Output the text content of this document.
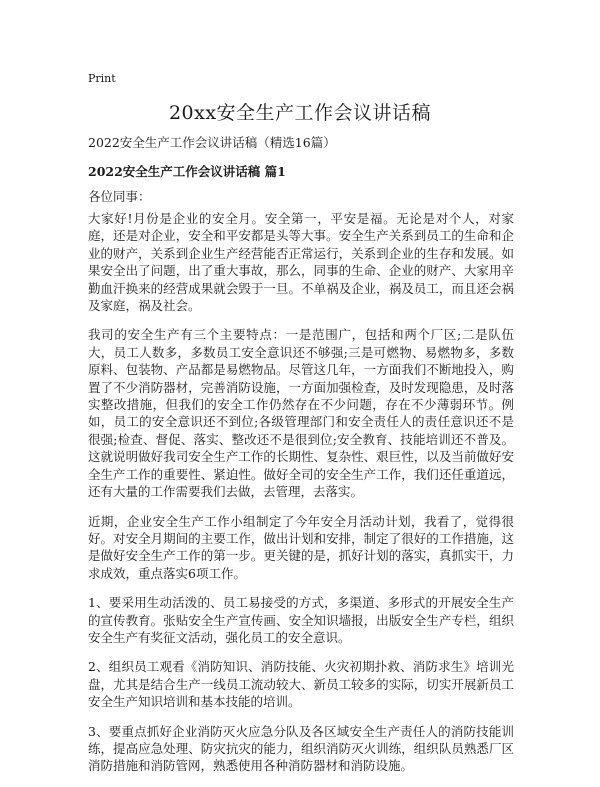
Print
20xx安全生产工作会议讲话稿
2022安全生产工作会议讲话稿（精选16篇）
2022安全生产工作会议讲话稿 篇1
各位同事：

大家好!月份是企业的安全月。安全第一，平安是福。无论是对个人，对家庭，还是对企业，安全和平安都是头等大事。安全生产关系到员工的生命和企业的财产，关系到企业生产经营能否正常运行，关系到企业的生存和发展。如果安全出了问题，出了重大事故，那么，同事的生命、企业的财产、大家用辛勤血汗换来的经营成果就会毁于一旦。不单祸及企业，祸及员工，而且还会祸及家庭，祸及社会。

我司的安全生产有三个主要特点：一是范围广，包括和两个厂区;二是队伍大，员工人数多，多数员工安全意识还不够强;三是可燃物、易燃物多，多数原料、包装物、产品都是易燃物品。尽管这几年，一方面我们不断地投入，购置了不少消防器材，完善消防设施，一方面加强检查，及时发现隐患，及时落实整改措施，但我们的安全工作仍然存在不少问题，存在不少薄弱环节。例如，员工的安全意识还不到位;各级管理部门和安全责任人的责任意识还不是很强;检查、督促、落实、整改还不是很到位;安全教育、技能培训还不普及。这就说明做好我司安全生产工作的长期性、复杂性、艰巨性，以及当前做好安全生产工作的重要性、紧迫性。做好全司的安全生产工作，我们还任重道远，还有大量的工作需要我们去做，去管理，去落实。

近期，企业安全生产工作小组制定了今年安全月活动计划，我看了，觉得很好。对安全月期间的主要工作，做出计划和安排，制定了很好的工作措施，这是做好安全生产工作的第一步。更关键的是，抓好计划的落实，真抓实干，力求成效，重点落实6项工作。

1、要采用生动活泼的、员工易接受的方式，多渠道、多形式的开展安全生产的宣传教育。张贴安全生产宣传画、安全知识墙报，出版安全生产专栏，组织安全生产有奖征文活动，强化员工的安全意识。

2、组织员工观看《消防知识、消防技能、火灾初期扑救、消防求生》培训光盘，尤其是结合生产一线员工流动较大、新员工较多的实际，切实开展新员工安全生产知识培训和基本技能的培训。

3、要重点抓好企业消防灭火应急分队及各区域安全生产责任人的消防技能训练，提高应急处理、防灾抗灾的能力，组织消防灭火训练，组织队员熟悉厂区消防措施和消防管网，熟悉使用各种消防器材和消防设施。
